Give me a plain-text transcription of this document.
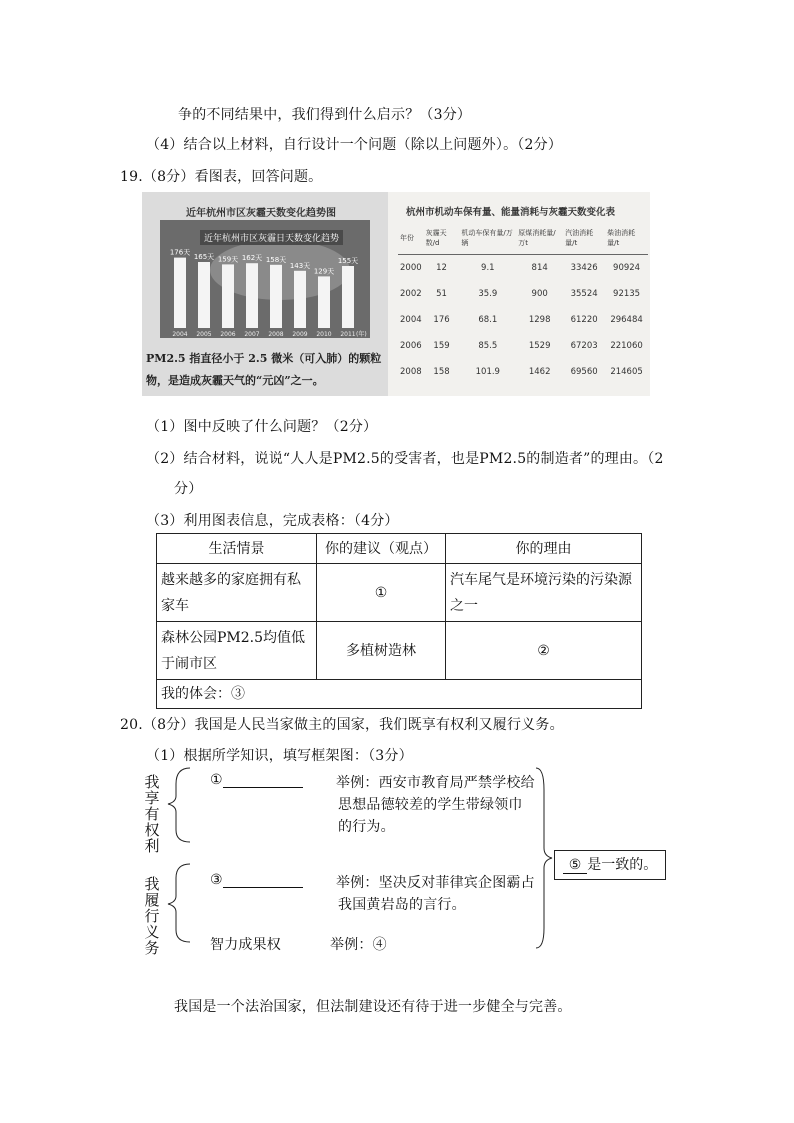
争的不同结果中，我们得到什么启示？（3分）
（4）结合以上材料，自行设计一个问题（除以上问题外）。（2分）
19.（8分）看图表，回答问题。
近年杭州市区灰霾天数变化趋势图
176天
2004
165天
2005
159天
2006
162天
2007
158天
2008
143天
2009
129天
2010
155天
2011 (年)
近年杭州市区灰霾日天数变化趋势
PM2.5 指直径小于 2.5 微米（可入肺）的颗粒物，是造成灰霾天气的“元凶”之一。
杭州市机动车保有量、能量消耗与灰霾天数变化表
年份	灰霾天数/d	机动车保有量/万辆	原煤消耗量/万t	汽油消耗量/t	柴油消耗量/t
2000	12	9.1	814	33426	90924
2002	51	35.9	900	35524	92135
2004	176	68.1	1298	61220	296484
2006	159	85.5	1529	67203	221060
2008	158	101.9	1462	69560	214605
（1）图中反映了什么问题？（2分）
（2）结合材料，说说“人人是PM2.5的受害者，也是PM2.5的制造者”的理由。（2
分）
（3）利用图表信息，完成表格：（4分）
生活情景	你的建议（观点）	你的理由
越来越多的家庭拥有私家车	①	汽车尾气是环境污染的污染源之一
森林公园PM2.5均值低于闹市区	多植树造林	②
我的体会：③		
20.（8分）我国是人民当家做主的国家，我们既享有权利又履行义务。
（1）根据所学知识，填写框架图：（3分）
我享有权利
我履行义务
①	举例：西安市教育局严禁学校给
思想品德较差的学生带绿领巾
的行为。
③	举例：坚决反对菲律宾企图霸占
我国黄岩岛的言行。
智力成果权	举例：④
⑤ 是一致的。
我国是一个法治国家，但法制建设还有待于进一步健全与完善。
